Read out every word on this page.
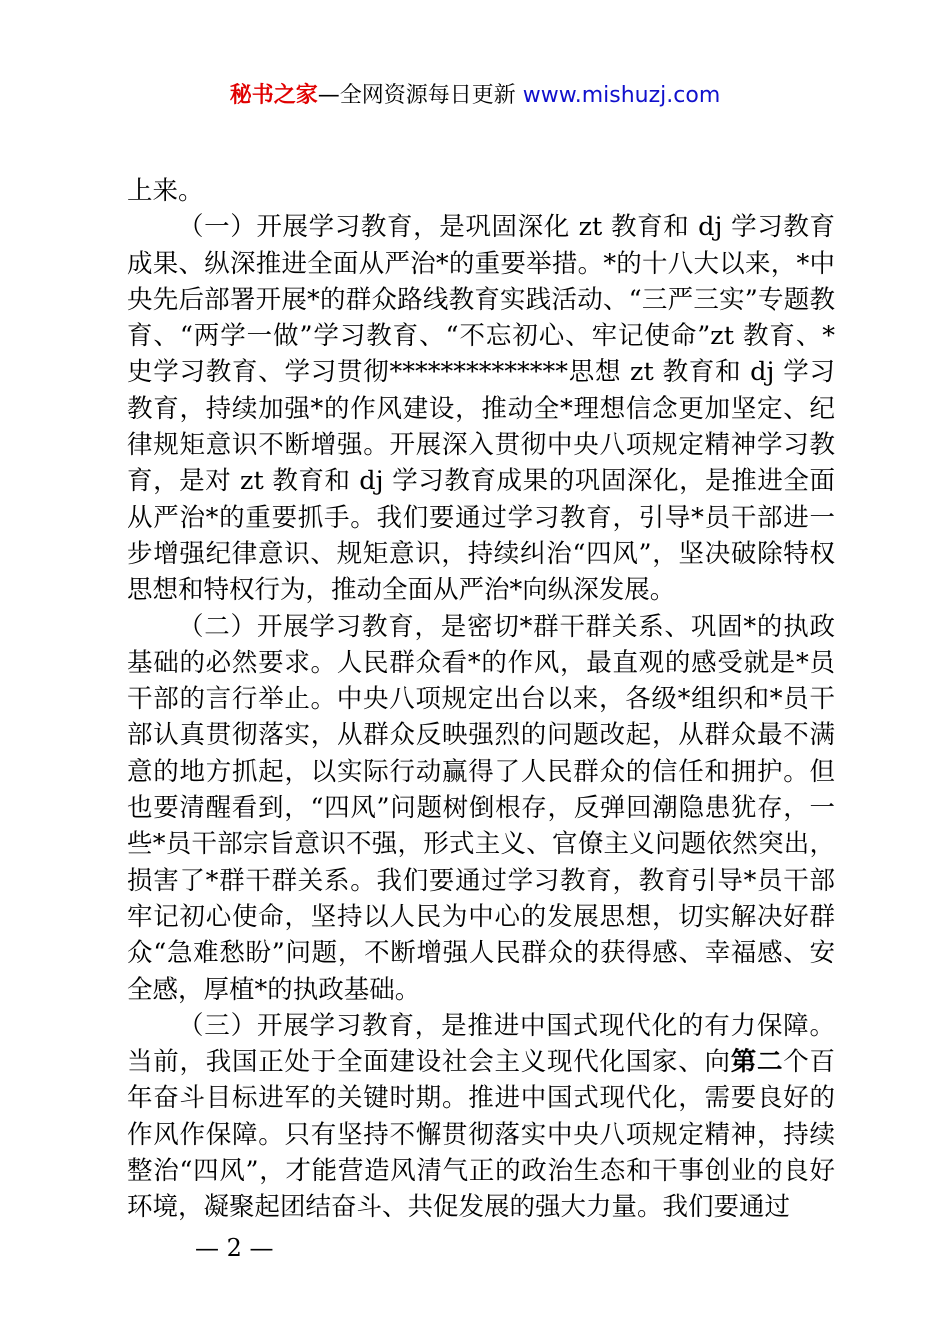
秘书之家—全网资源每日更新 www.mishuzj.com

上来。

（一）开展学习教育，是巩固深化 zt 教育和 dj 学习教育成果、纵深推进全面从严治*的重要举措。*的十八大以来，*中央先后部署开展*的群众路线教育实践活动、“三严三实”专题教育、“两学一做”学习教育、“不忘初心、牢记使命”zt 教育、*史学习教育、学习贯彻**************思想 zt 教育和 dj 学习教育，持续加强*的作风建设，推动全*理想信念更加坚定、纪律规矩意识不断增强。开展深入贯彻中央八项规定精神学习教育，是对 zt 教育和 dj 学习教育成果的巩固深化，是推进全面从严治*的重要抓手。我们要通过学习教育，引导*员干部进一步增强纪律意识、规矩意识，持续纠治“四风”，坚决破除特权思想和特权行为，推动全面从严治*向纵深发展。

（二）开展学习教育，是密切*群干群关系、巩固*的执政基础的必然要求。人民群众看*的作风，最直观的感受就是*员干部的言行举止。中央八项规定出台以来，各级*组织和*员干部认真贯彻落实，从群众反映强烈的问题改起，从群众最不满意的地方抓起，以实际行动赢得了人民群众的信任和拥护。但也要清醒看到，“四风”问题树倒根存，反弹回潮隐患犹存，一些*员干部宗旨意识不强，形式主义、官僚主义问题依然突出，损害了*群干群关系。我们要通过学习教育，教育引导*员干部牢记初心使命，坚持以人民为中心的发展思想，切实解决好群众“急难愁盼”问题，不断增强人民群众的获得感、幸福感、安全感，厚植*的执政基础。

（三）开展学习教育，是推进中国式现代化的有力保障。当前，我国正处于全面建设社会主义现代化国家、向第二个百年奋斗目标进军的关键时期。推进中国式现代化，需要良好的作风作保障。只有坚持不懈贯彻落实中央八项规定精神，持续整治“四风”，才能营造风清气正的政治生态和干事创业的良好环境，凝聚起团结奋斗、共促发展的强大力量。我们要通过

— 2 —
